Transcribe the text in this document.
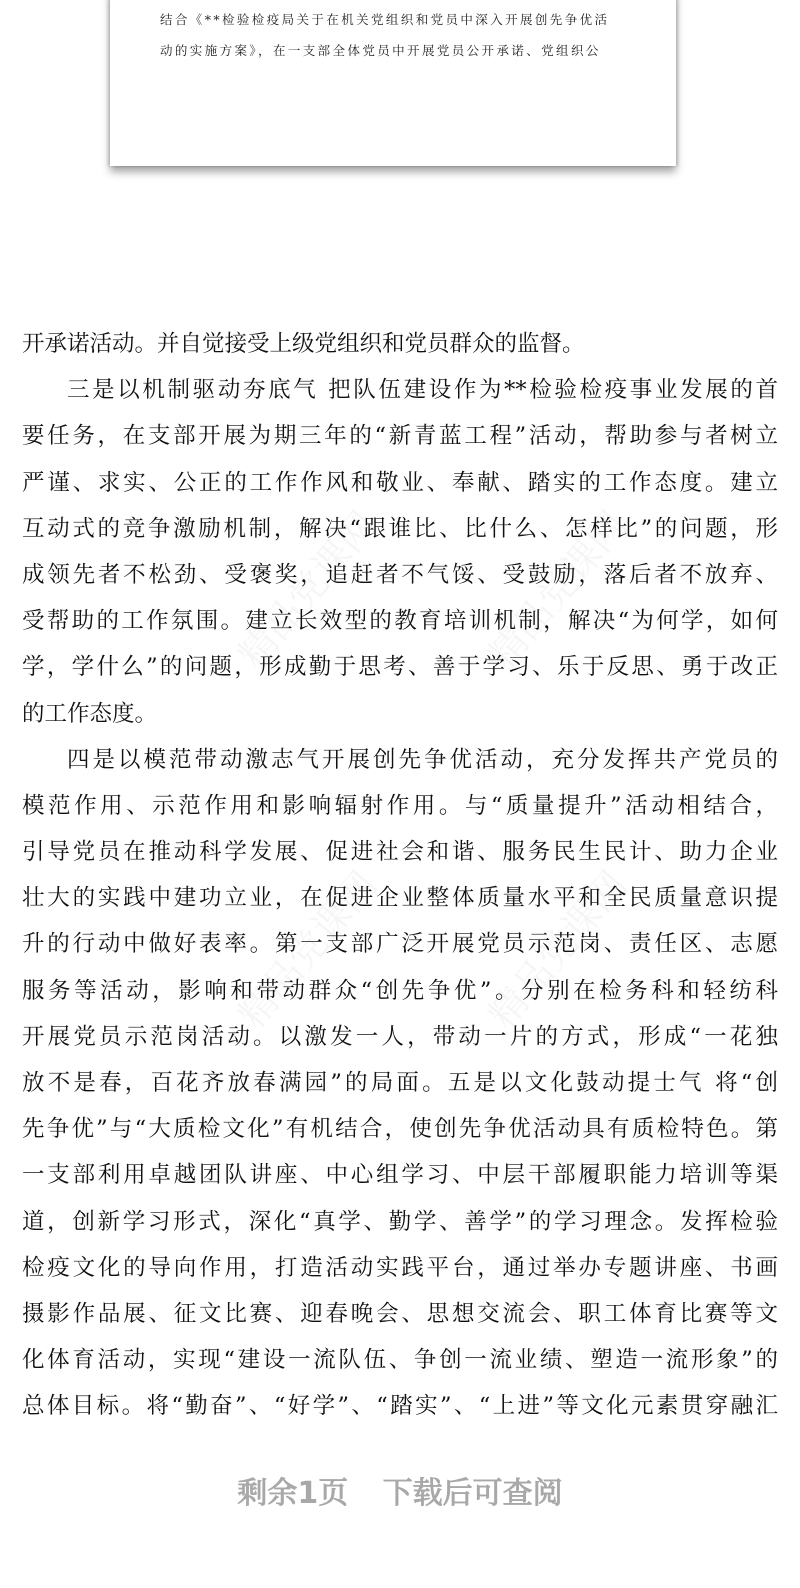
结合《**检验检疫局关于在机关党组织和党员中深入开展创先争优活
动的实施方案》，在一支部全体党员中开展党员公开承诺、党组织公
开承诺活动。并自觉接受上级党组织和党员群众的监督。
三是以机制驱动夯底气 把队伍建设作为**检验检疫事业发展的首
要任务，在支部开展为期三年的“新青蓝工程”活动，帮助参与者树立
严谨、求实、公正的工作作风和敬业、奉献、踏实的工作态度。建立
互动式的竞争激励机制，解决“跟谁比、比什么、怎样比”的问题，形
成领先者不松劲、受褒奖，追赶者不气馁、受鼓励，落后者不放弃、
受帮助的工作氛围。建立长效型的教育培训机制，解决“为何学，如何
学，学什么”的问题，形成勤于思考、善于学习、乐于反思、勇于改正
的工作态度。
四是以模范带动激志气开展创先争优活动，充分发挥共产党员的
模范作用、示范作用和影响辐射作用。与“质量提升”活动相结合，
引导党员在推动科学发展、促进社会和谐、服务民生民计、助力企业
壮大的实践中建功立业，在促进企业整体质量水平和全民质量意识提
升的行动中做好表率。第一支部广泛开展党员示范岗、责任区、志愿
服务等活动，影响和带动群众“创先争优”。分别在检务科和轻纺科
开展党员示范岗活动。以激发一人，带动一片的方式，形成“一花独
放不是春，百花齐放春满园”的局面。五是以文化鼓动提士气 将“创
先争优”与“大质检文化”有机结合，使创先争优活动具有质检特色。第
一支部利用卓越团队讲座、中心组学习、中层干部履职能力培训等渠
道，创新学习形式，深化“真学、勤学、善学”的学习理念。发挥检验
检疫文化的导向作用，打造活动实践平台，通过举办专题讲座、书画
摄影作品展、征文比赛、迎春晚会、思想交流会、职工体育比赛等文
化体育活动，实现“建设一流队伍、争创一流业绩、塑造一流形象”的
总体目标。将“勤奋”、“好学”、“踏实”、“上进”等文化元素贯穿融汇
剩余1页 下载后可查阅
